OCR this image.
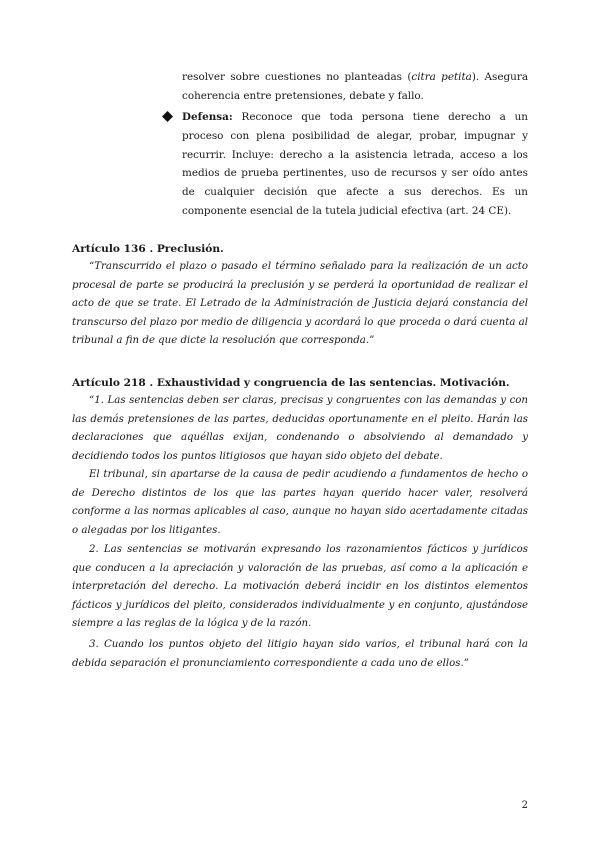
resolver sobre cuestiones no planteadas (citra petita). Asegura coherencia entre pretensiones, debate y fallo.
Defensa: Reconoce que toda persona tiene derecho a un proceso con plena posibilidad de alegar, probar, impugnar y recurrir. Incluye: derecho a la asistencia letrada, acceso a los medios de prueba pertinentes, uso de recursos y ser oído antes de cualquier decisión que afecte a sus derechos. Es un componente esencial de la tutela judicial efectiva (art. 24 CE).
Artículo 136 . Preclusión.
“Transcurrido el plazo o pasado el término señalado para la realización de un acto procesal de parte se producirá la preclusión y se perderá la oportunidad de realizar el acto de que se trate. El Letrado de la Administración de Justicia dejará constancia del transcurso del plazo por medio de diligencia y acordará lo que proceda o dará cuenta al tribunal a fin de que dicte la resolución que corresponda.”
Artículo 218 . Exhaustividad y congruencia de las sentencias. Motivación.
“1. Las sentencias deben ser claras, precisas y congruentes con las demandas y con las demás pretensiones de las partes, deducidas oportunamente en el pleito. Harán las declaraciones que aquéllas exijan, condenando o absolviendo al demandado y decidiendo todos los puntos litigiosos que hayan sido objeto del debate.
El tribunal, sin apartarse de la causa de pedir acudiendo a fundamentos de hecho o de Derecho distintos de los que las partes hayan querido hacer valer, resolverá conforme a las normas aplicables al caso, aunque no hayan sido acertadamente citadas o alegadas por los litigantes.
2. Las sentencias se motivarán expresando los razonamientos fácticos y jurídicos que conducen a la apreciación y valoración de las pruebas, así como a la aplicación e interpretación del derecho. La motivación deberá incidir en los distintos elementos fácticos y jurídicos del pleito, considerados individualmente y en conjunto, ajustándose siempre a las reglas de la lógica y de la razón.
3. Cuando los puntos objeto del litigio hayan sido varios, el tribunal hará con la debida separación el pronunciamiento correspondiente a cada uno de ellos.”
2
